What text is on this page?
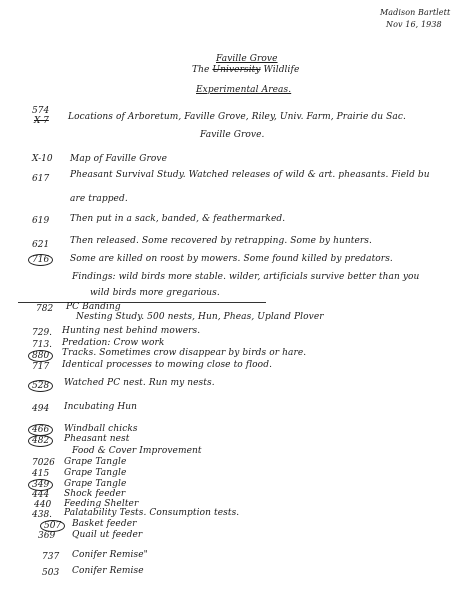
Madison Bartlett
Nov 16, 1938
Faville Grove
The University Wildlife
Experimental Areas.
574
X-7 Locations of Arboretum, Faville Grove, Riley, Univ. Farm, Prairie du Sac.
Faville Grove.
X-10 Map of Faville Grove
617 Pheasant Survival Study. Watched releases of wild & art. pheasants. Field bu
are trapped.
619 Then put in a sack, banded, & feathermarked.
621 Then released. Some recovered by retrapping. Some by hunters.
716	Some are killed on roost by mowers. Some found killed by predators.
Findings: wild birds more stable. wilder, artificials survive better than you
wild birds more gregarious.
782 PC Banding
Nesting Study. 500 nests, Hun, Pheas, Upland Plover
729. Hunting nest behind mowers.
713. Predation: Crow work
880	Tracks. Sometimes crow disappear by birds or hare.
717 Identical processes to mowing close to flood.
528	Watched PC nest. Run my nests.
494 Incubating Hun
466	Windball chicks
482	Pheasant nest
Food & Cover Improvement
7026 Grape Tangle
415 Grape Tangle
349	Grape Tangle
444 Shock feeder
440 Feeding Shelter
438. Palatability Tests. Consumption tests.
507	Basket feeder
369 Quail ut feeder
737 Conifer Remise"
503 Conifer Remise
